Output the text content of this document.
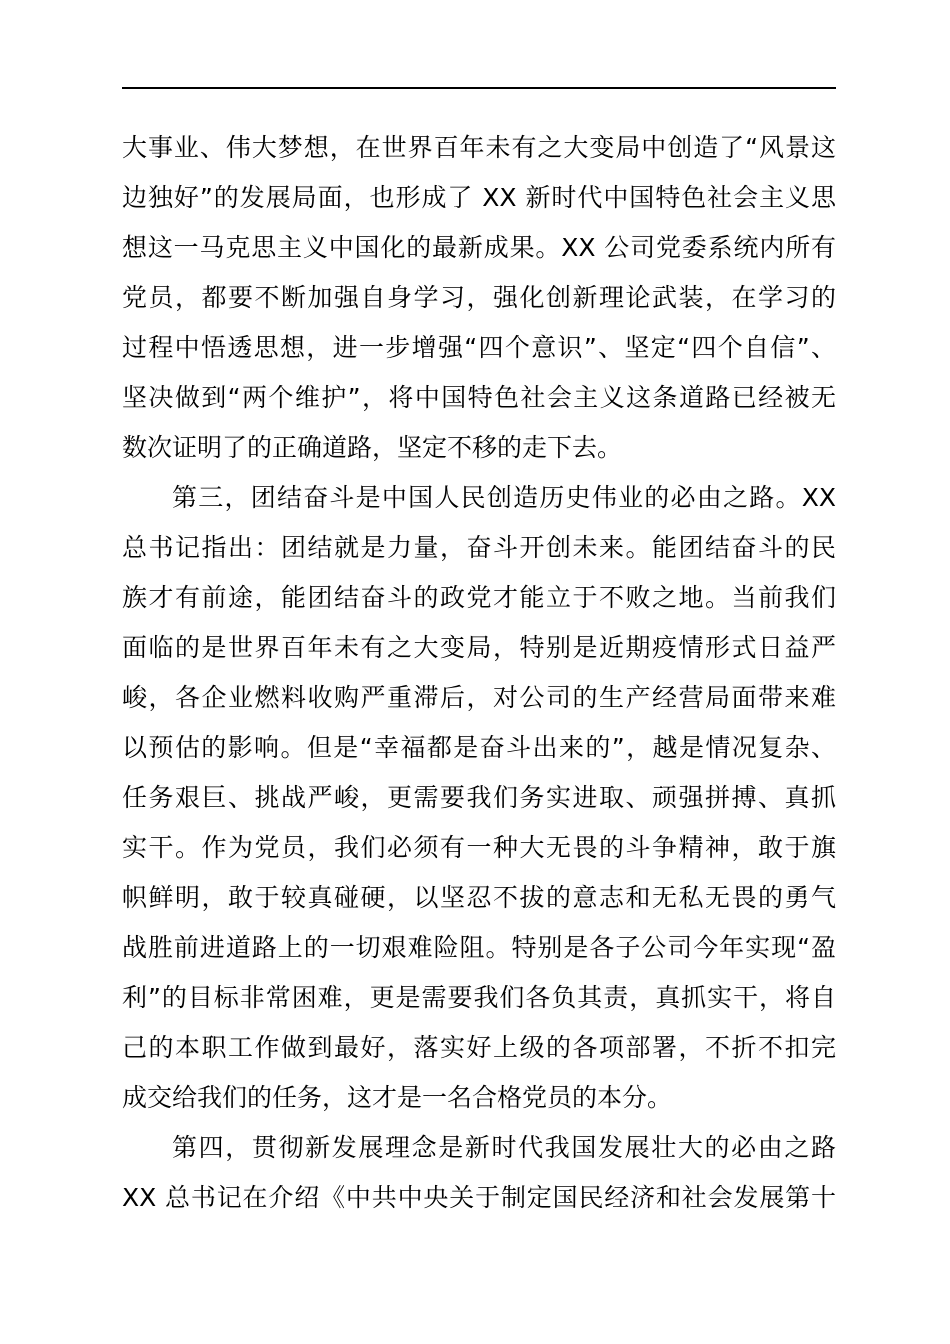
大事业、伟大梦想，在世界百年未有之大变局中创造了“风景这
边独好”的发展局面，也形成了 XX 新时代中国特色社会主义思
想这一马克思主义中国化的最新成果。XX 公司党委系统内所有
党员，都要不断加强自身学习，强化创新理论武装，在学习的
过程中悟透思想，进一步增强“四个意识”、坚定“四个自信”、
坚决做到“两个维护”，将中国特色社会主义这条道路已经被无
数次证明了的正确道路，坚定不移的走下去。
第三，团结奋斗是中国人民创造历史伟业的必由之路。XX
总书记指出：团结就是力量，奋斗开创未来。能团结奋斗的民
族才有前途，能团结奋斗的政党才能立于不败之地。当前我们
面临的是世界百年未有之大变局，特别是近期疫情形式日益严
峻，各企业燃料收购严重滞后，对公司的生产经营局面带来难
以预估的影响。但是“幸福都是奋斗出来的”，越是情况复杂、
任务艰巨、挑战严峻，更需要我们务实进取、顽强拼搏、真抓
实干。作为党员，我们必须有一种大无畏的斗争精神，敢于旗
帜鲜明，敢于较真碰硬，以坚忍不拔的意志和无私无畏的勇气
战胜前进道路上的一切艰难险阻。特别是各子公司今年实现“盈
利”的目标非常困难，更是需要我们各负其责，真抓实干，将自
己的本职工作做到最好，落实好上级的各项部署，不折不扣完
成交给我们的任务，这才是一名合格党员的本分。
第四，贯彻新发展理念是新时代我国发展壮大的必由之路
XX 总书记在介绍《中共中央关于制定国民经济和社会发展第十
